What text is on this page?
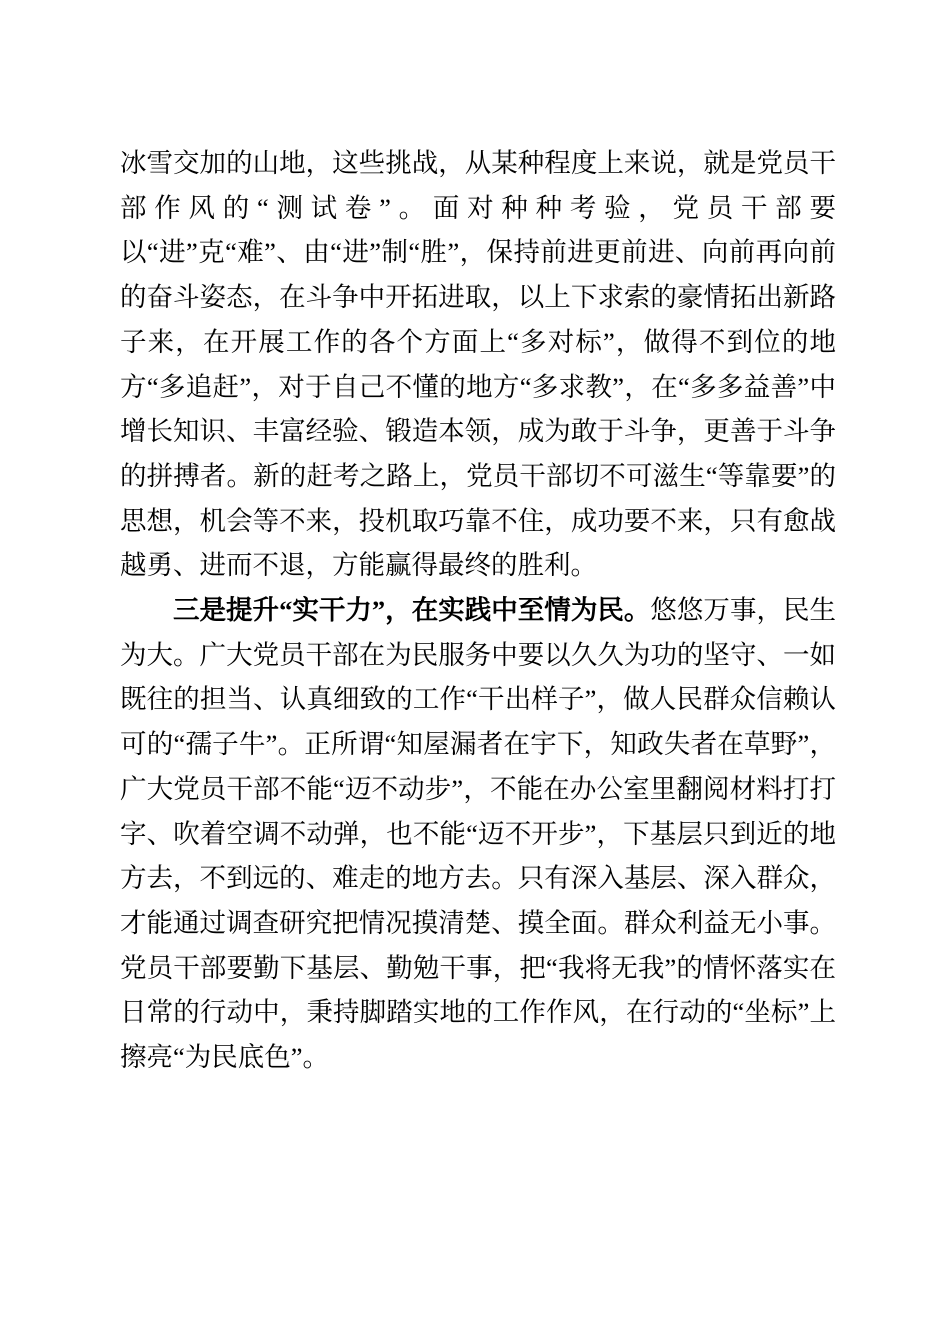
冰雪交加的山地，这些挑战，从某种程度上来说，就是党员干部作风的“测试卷”。面对种种考验，党员干部要以“进”克“难”、由“进”制“胜”，保持前进更前进、向前再向前的奋斗姿态，在斗争中开拓进取，以上下求索的豪情拓出新路子来，在开展工作的各个方面上“多对标”，做得不到位的地方“多追赶”，对于自己不懂的地方“多求教”，在“多多益善”中增长知识、丰富经验、锻造本领，成为敢于斗争，更善于斗争的拼搏者。新的赶考之路上，党员干部切不可滋生“等靠要”的思想，机会等不来，投机取巧靠不住，成功要不来，只有愈战越勇、进而不退，方能赢得最终的胜利。

三是提升“实干力”，在实践中至情为民。悠悠万事，民生为大。广大党员干部在为民服务中要以久久为功的坚守、一如既往的担当、认真细致的工作“干出样子”，做人民群众信赖认可的“孺子牛”。正所谓“知屋漏者在宇下，知政失者在草野”，广大党员干部不能“迈不动步”，不能在办公室里翻阅材料打打字、吹着空调不动弹，也不能“迈不开步”，下基层只到近的地方去，不到远的、难走的地方去。只有深入基层、深入群众，才能通过调查研究把情况摸清楚、摸全面。群众利益无小事。党员干部要勤下基层、勤勉干事，把“我将无我”的情怀落实在日常的行动中，秉持脚踏实地的工作作风，在行动的“坐标”上擦亮“为民底色”。
